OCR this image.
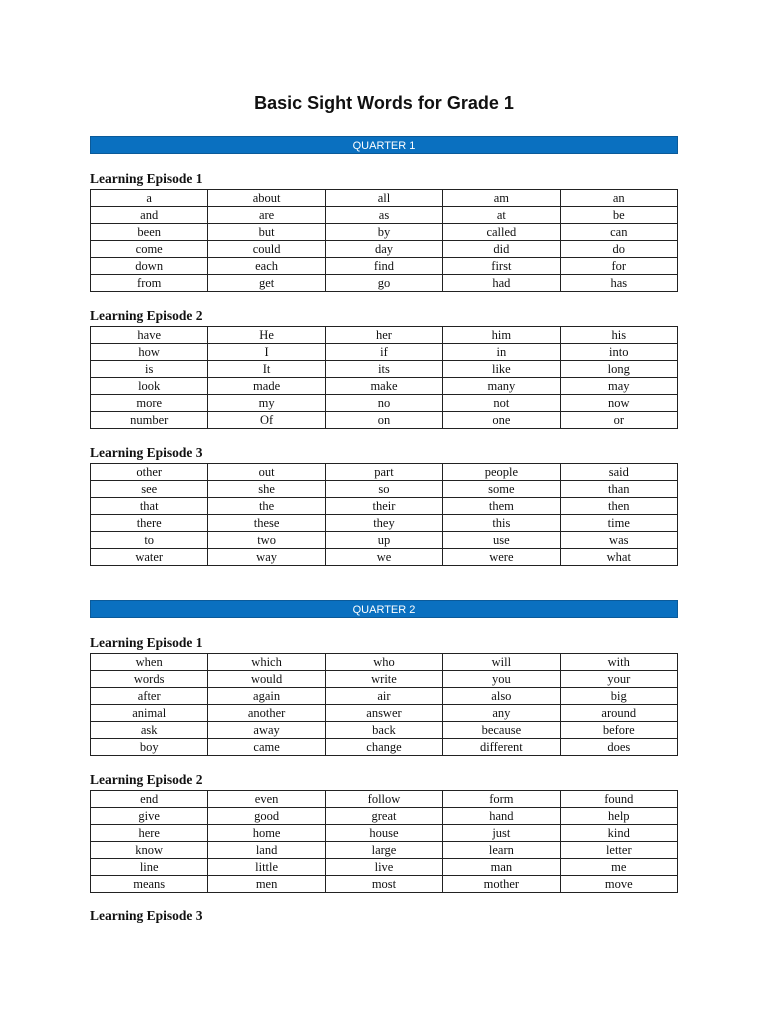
Basic Sight Words for Grade 1
QUARTER 1
Learning Episode 1
a	about	all	am	an
and	are	as	at	be
been	but	by	called	can
come	could	day	did	do
down	each	find	first	for
from	get	go	had	has
Learning Episode 2
have	He	her	him	his
how	I	if	in	into
is	It	its	like	long
look	made	make	many	may
more	my	no	not	now
number	Of	on	one	or
Learning Episode 3
other	out	part	people	said
see	she	so	some	than
that	the	their	them	then
there	these	they	this	time
to	two	up	use	was
water	way	we	were	what
QUARTER 2
Learning Episode 1
when	which	who	will	with
words	would	write	you	your
after	again	air	also	big
animal	another	answer	any	around
ask	away	back	because	before
boy	came	change	different	does
Learning Episode 2
end	even	follow	form	found
give	good	great	hand	help
here	home	house	just	kind
know	land	large	learn	letter
line	little	live	man	me
means	men	most	mother	move
Learning Episode 3
